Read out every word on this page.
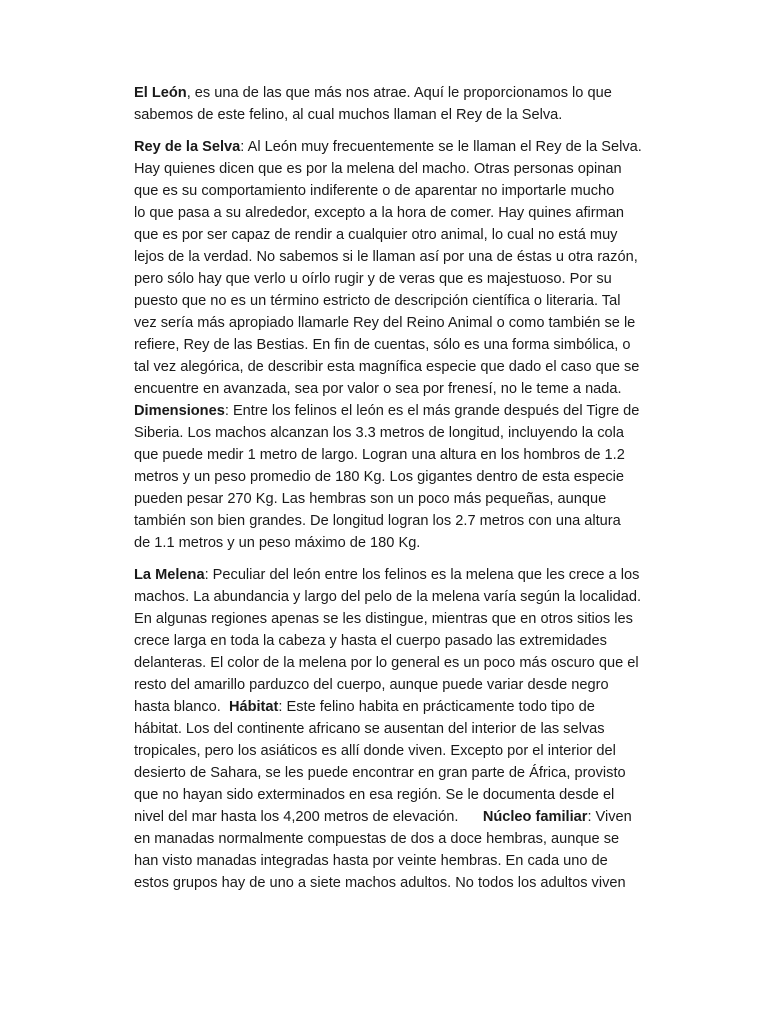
El León, es una de las que más nos atrae. Aquí le proporcionamos lo que
sabemos de este felino, al cual muchos llaman el Rey de la Selva.
Rey de la Selva: Al León muy frecuentemente se le llaman el Rey de la Selva.
Hay quienes dicen que es por la melena del macho. Otras personas opinan
que es su comportamiento indiferente o de aparentar no importarle mucho
lo que pasa a su alrededor, excepto a la hora de comer. Hay quines afirman
que es por ser capaz de rendir a cualquier otro animal, lo cual no está muy
lejos de la verdad. No sabemos si le llaman así por una de éstas u otra razón,
pero sólo hay que verlo u oírlo rugir y de veras que es majestuoso. Por su
puesto que no es un término estricto de descripción científica o literaria. Tal
vez sería más apropiado llamarle Rey del Reino Animal o como también se le
refiere, Rey de las Bestias. En fin de cuentas, sólo es una forma simbólica, o
tal vez alegórica, de describir esta magnífica especie que dado el caso que se
encuentre en avanzada, sea por valor o sea por frenesí, no le teme a nada.
Dimensiones: Entre los felinos el león es el más grande después del Tigre de
Siberia. Los machos alcanzan los 3.3 metros de longitud, incluyendo la cola
que puede medir 1 metro de largo. Logran una altura en los hombros de 1.2
metros y un peso promedio de 180 Kg. Los gigantes dentro de esta especie
pueden pesar 270 Kg. Las hembras son un poco más pequeñas, aunque
también son bien grandes. De longitud logran los 2.7 metros con una altura
de 1.1 metros y un peso máximo de 180 Kg.
La Melena: Peculiar del león entre los felinos es la melena que les crece a los
machos. La abundancia y largo del pelo de la melena varía según la localidad.
En algunas regiones apenas se les distingue, mientras que en otros sitios les
crece larga en toda la cabeza y hasta el cuerpo pasado las extremidades
delanteras. El color de la melena por lo general es un poco más oscuro que el
resto del amarillo parduzco del cuerpo, aunque puede variar desde negro
hasta blanco.  Hábitat: Este felino habita en prácticamente todo tipo de
hábitat. Los del continente africano se ausentan del interior de las selvas
tropicales, pero los asiáticos es allí donde viven. Excepto por el interior del
desierto de Sahara, se les puede encontrar en gran parte de África, provisto
que no hayan sido exterminados en esa región. Se le documenta desde el
nivel del mar hasta los 4,200 metros de elevación.      Núcleo familiar: Viven
en manadas normalmente compuestas de dos a doce hembras, aunque se
han visto manadas integradas hasta por veinte hembras. En cada uno de
estos grupos hay de uno a siete machos adultos. No todos los adultos viven
